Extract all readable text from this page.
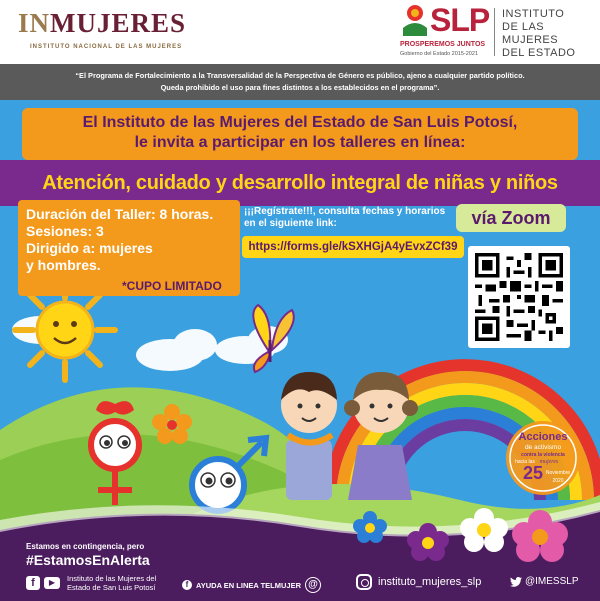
INMUJERES
INSTITUTO NACIONAL DE LAS MUJERES
SLP
PROSPEREMOS JUNTOS
Gobierno del Estado 2015-2021
INSTITUTO
DE LAS MUJERES
DEL ESTADO
“El Programa de Fortalecimiento a la Transversalidad de la Perspectiva de Género es público, ajeno a cualquier partido político.
Queda prohibido el uso para fines distintos a los establecidos en el programa”.
El Instituto de las Mujeres del Estado de San Luis Potosí,
le invita a participar en los talleres en línea:
Atención, cuidado y desarrollo integral de niñas y niños
Duración del Taller: 8 horas.
Sesiones: 3
Dirigido a: mujeres
y hombres.
*CUPO LIMITADO
¡¡¡Regístrate!!!, consulta fechas y horarios
en el siguiente link:
https://forms.gle/kSXHGjA4yEvxZCf39
vía Zoom
Acciones
de activismo
contra la violencia
hacia las mujeres
25 Noviembre
2020
Estamos en contingencia, pero
#EstamosEnAlerta
f	▶	Instituto de las Mujeres del
Estado de San Luis Potosí	f	AYUDA EN LINEA TELMUJER @	instituto_mujeres_slp	@IMESSLP
